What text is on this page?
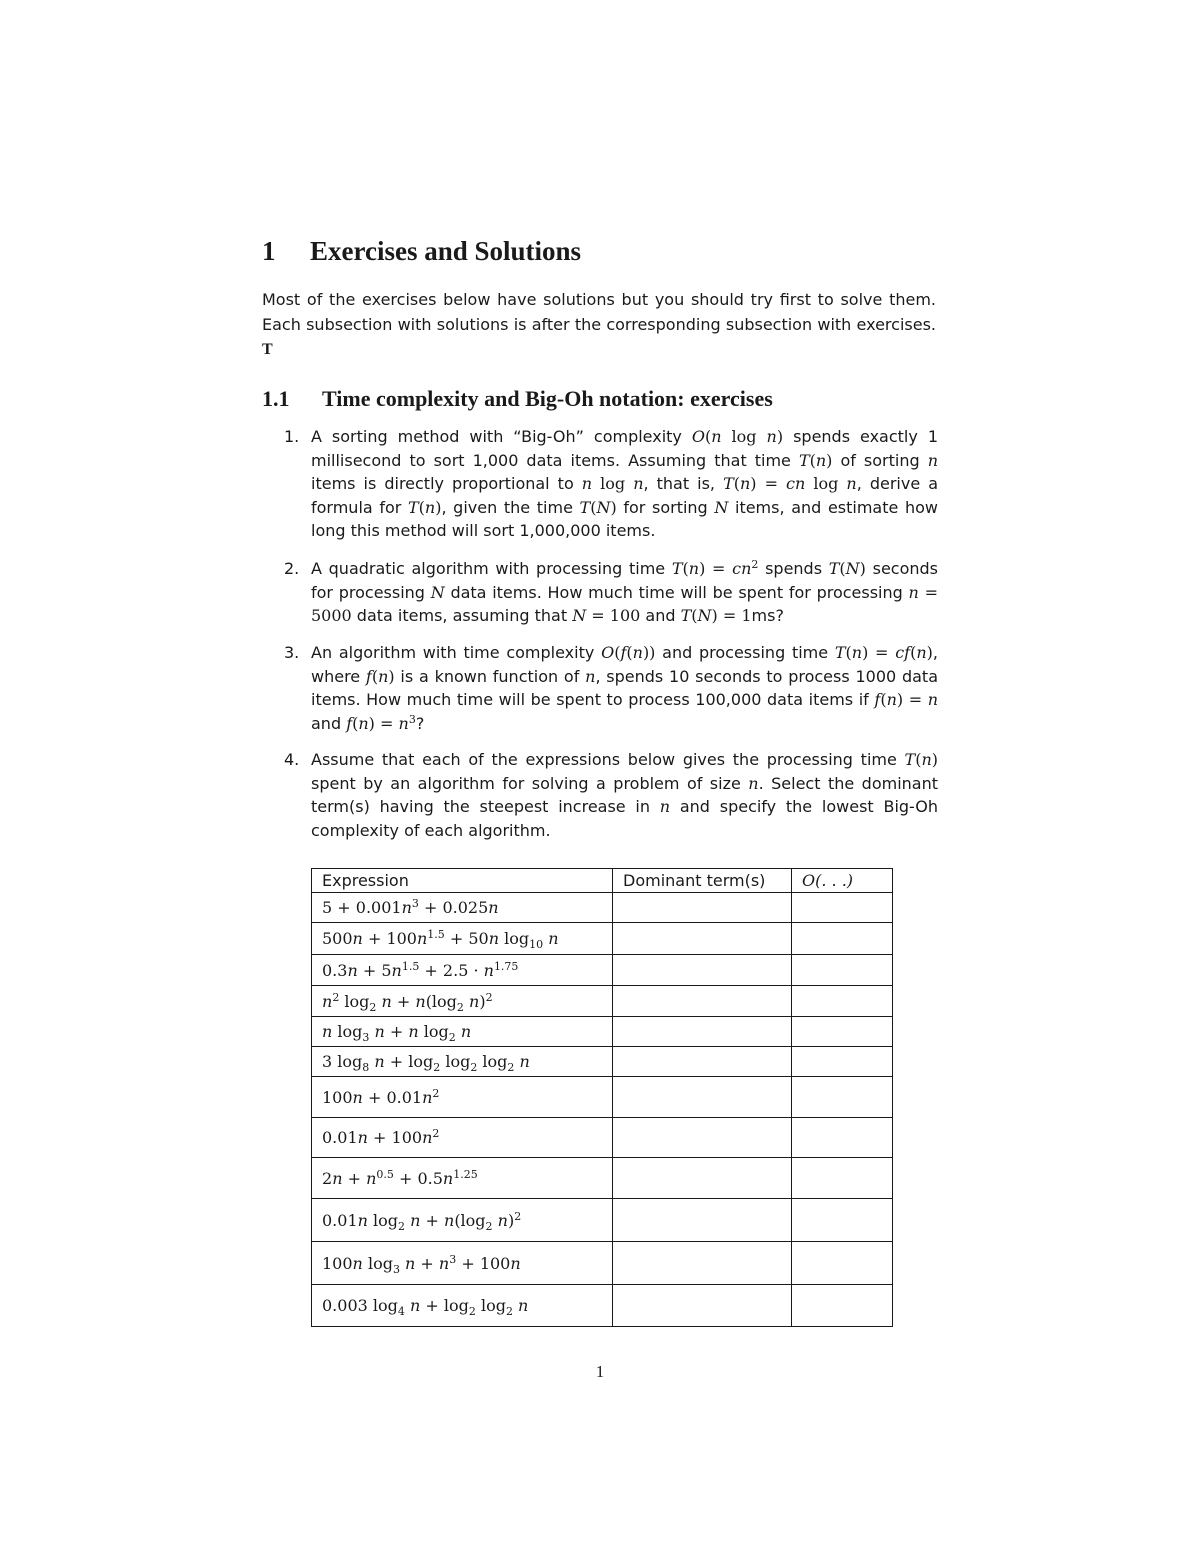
1 Exercises and Solutions

Most of the exercises below have solutions but you should try first to solve them. Each subsection with solutions is after the corresponding subsection with exercises. T

1.1 Time complexity and Big-Oh notation: exercises
1. A sorting method with “Big-Oh” complexity O(n log n) spends exactly 1 millisecond to sort 1,000 data items. Assuming that time T(n) of sorting n items is directly proportional to n log n, that is, T(n) = cn log n, derive a formula for T(n), given the time T(N) for sorting N items, and estimate how long this method will sort 1,000,000 items.
2. A quadratic algorithm with processing time $T(n) = cn^2$ spends T(N) seconds for processing N data items. How much time will be spent for processing n = 5000 data items, assuming that N = 100 and T(N) = 1ms?
3. An algorithm with time complexity O(f(n)) and processing time T(n) = cf(n), where f(n) is a known function of n, spends 10 seconds to process 1000 data items. How much time will be spent to process 100,000 data items if f(n) = n and $f(n) = n^3$?
4. Assume that each of the expressions below gives the processing time T(n) spent by an algorithm for solving a problem of size n. Select the dominant term(s) having the steepest increase in n and specify the lowest Big-Oh complexity of each algorithm.
Expression	Dominant term(s)	O(. . .)
$5 + 0.001n^3 + 0.025n$		
$500n + 100n^{1.5} + 50n$ $\log_{10} n$		
$0.3n + 5n^{1.5} + 2.5 \cdot n^{1.75}$		
$n^2$ $\log_2 n + n(\log_2$ n)$^2$		
n $\log_3 n + n$ $\log_2 n$		
3 $\log_8 n + \log_2 \log_2 \log_2 n$		
$100n + 0.01n^2$		
$0.01n + 100n^2$		
$2n + n^{0.5} + 0.5n^{1.25}$		
0.01n $\log_2 n + n(\log_2$ n)$^2$		
100n $\log_3 n + n^3 + 100n$		
0.003 $\log_4 n + \log_2 \log_2 n$		

1
